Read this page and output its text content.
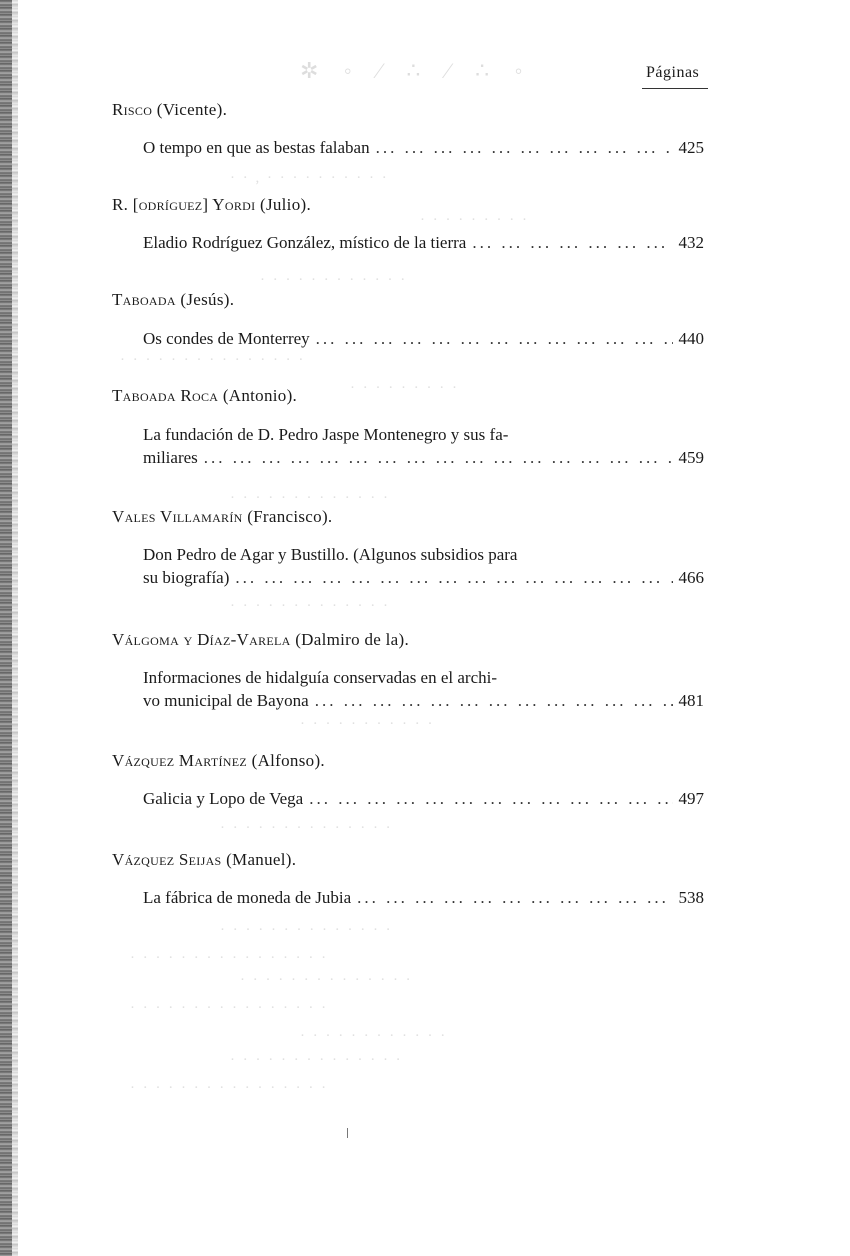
✲ ◦ ⁄ ∴ ⁄ ∴ ◦
· · , · · · · · · · · · ·
· · · · · · · · ·
· · · · · · · · · · · ·
· · · · · · · · · · · · · · ·
· · · · · · · · ·
· · · · · · · · · · · · ·
· · · · · · · · · · · · ·
· · · · · · · · · · ·
· · · · · · · · · · · · · ·
· · · · · · · · · · · · · ·
· · · · · · · · · · · · · · · ·
· · · · · · · · · · · · · ·
· · · · · · · · · · · · · · · ·
· · · · · · · · · · · ·
· · · · · · · · · · · · · ·
· · · · · · · · · · · · · · · ·
Páginas
Risco (Vicente).
O tempo en que as bestas falaban ... .	425
R. [odríguez] Yordi (Julio).
Eladio Rodríguez González, místico de la tierra ... .	432
Taboada (Jesús).
Os condes de Monterrey ... .	440
Taboada Roca (Antonio).
La fundación de D. Pedro Jaspe Montenegro y sus fa-
miliares ... .	459
Vales Villamarín (Francisco).
Don Pedro de Agar y Bustillo. (Algunos subsidios para
su biografía) ... .	466
Válgoma y Díaz-Varela (Dalmiro de la).
Informaciones de hidalguía conservadas en el archi-
vo municipal de Bayona ... .	481
Vázquez Martínez (Alfonso).
Galicia y Lopo de Vega ... .	497
Vázquez Seijas (Manuel).
La fábrica de moneda de Jubia ... .	538
